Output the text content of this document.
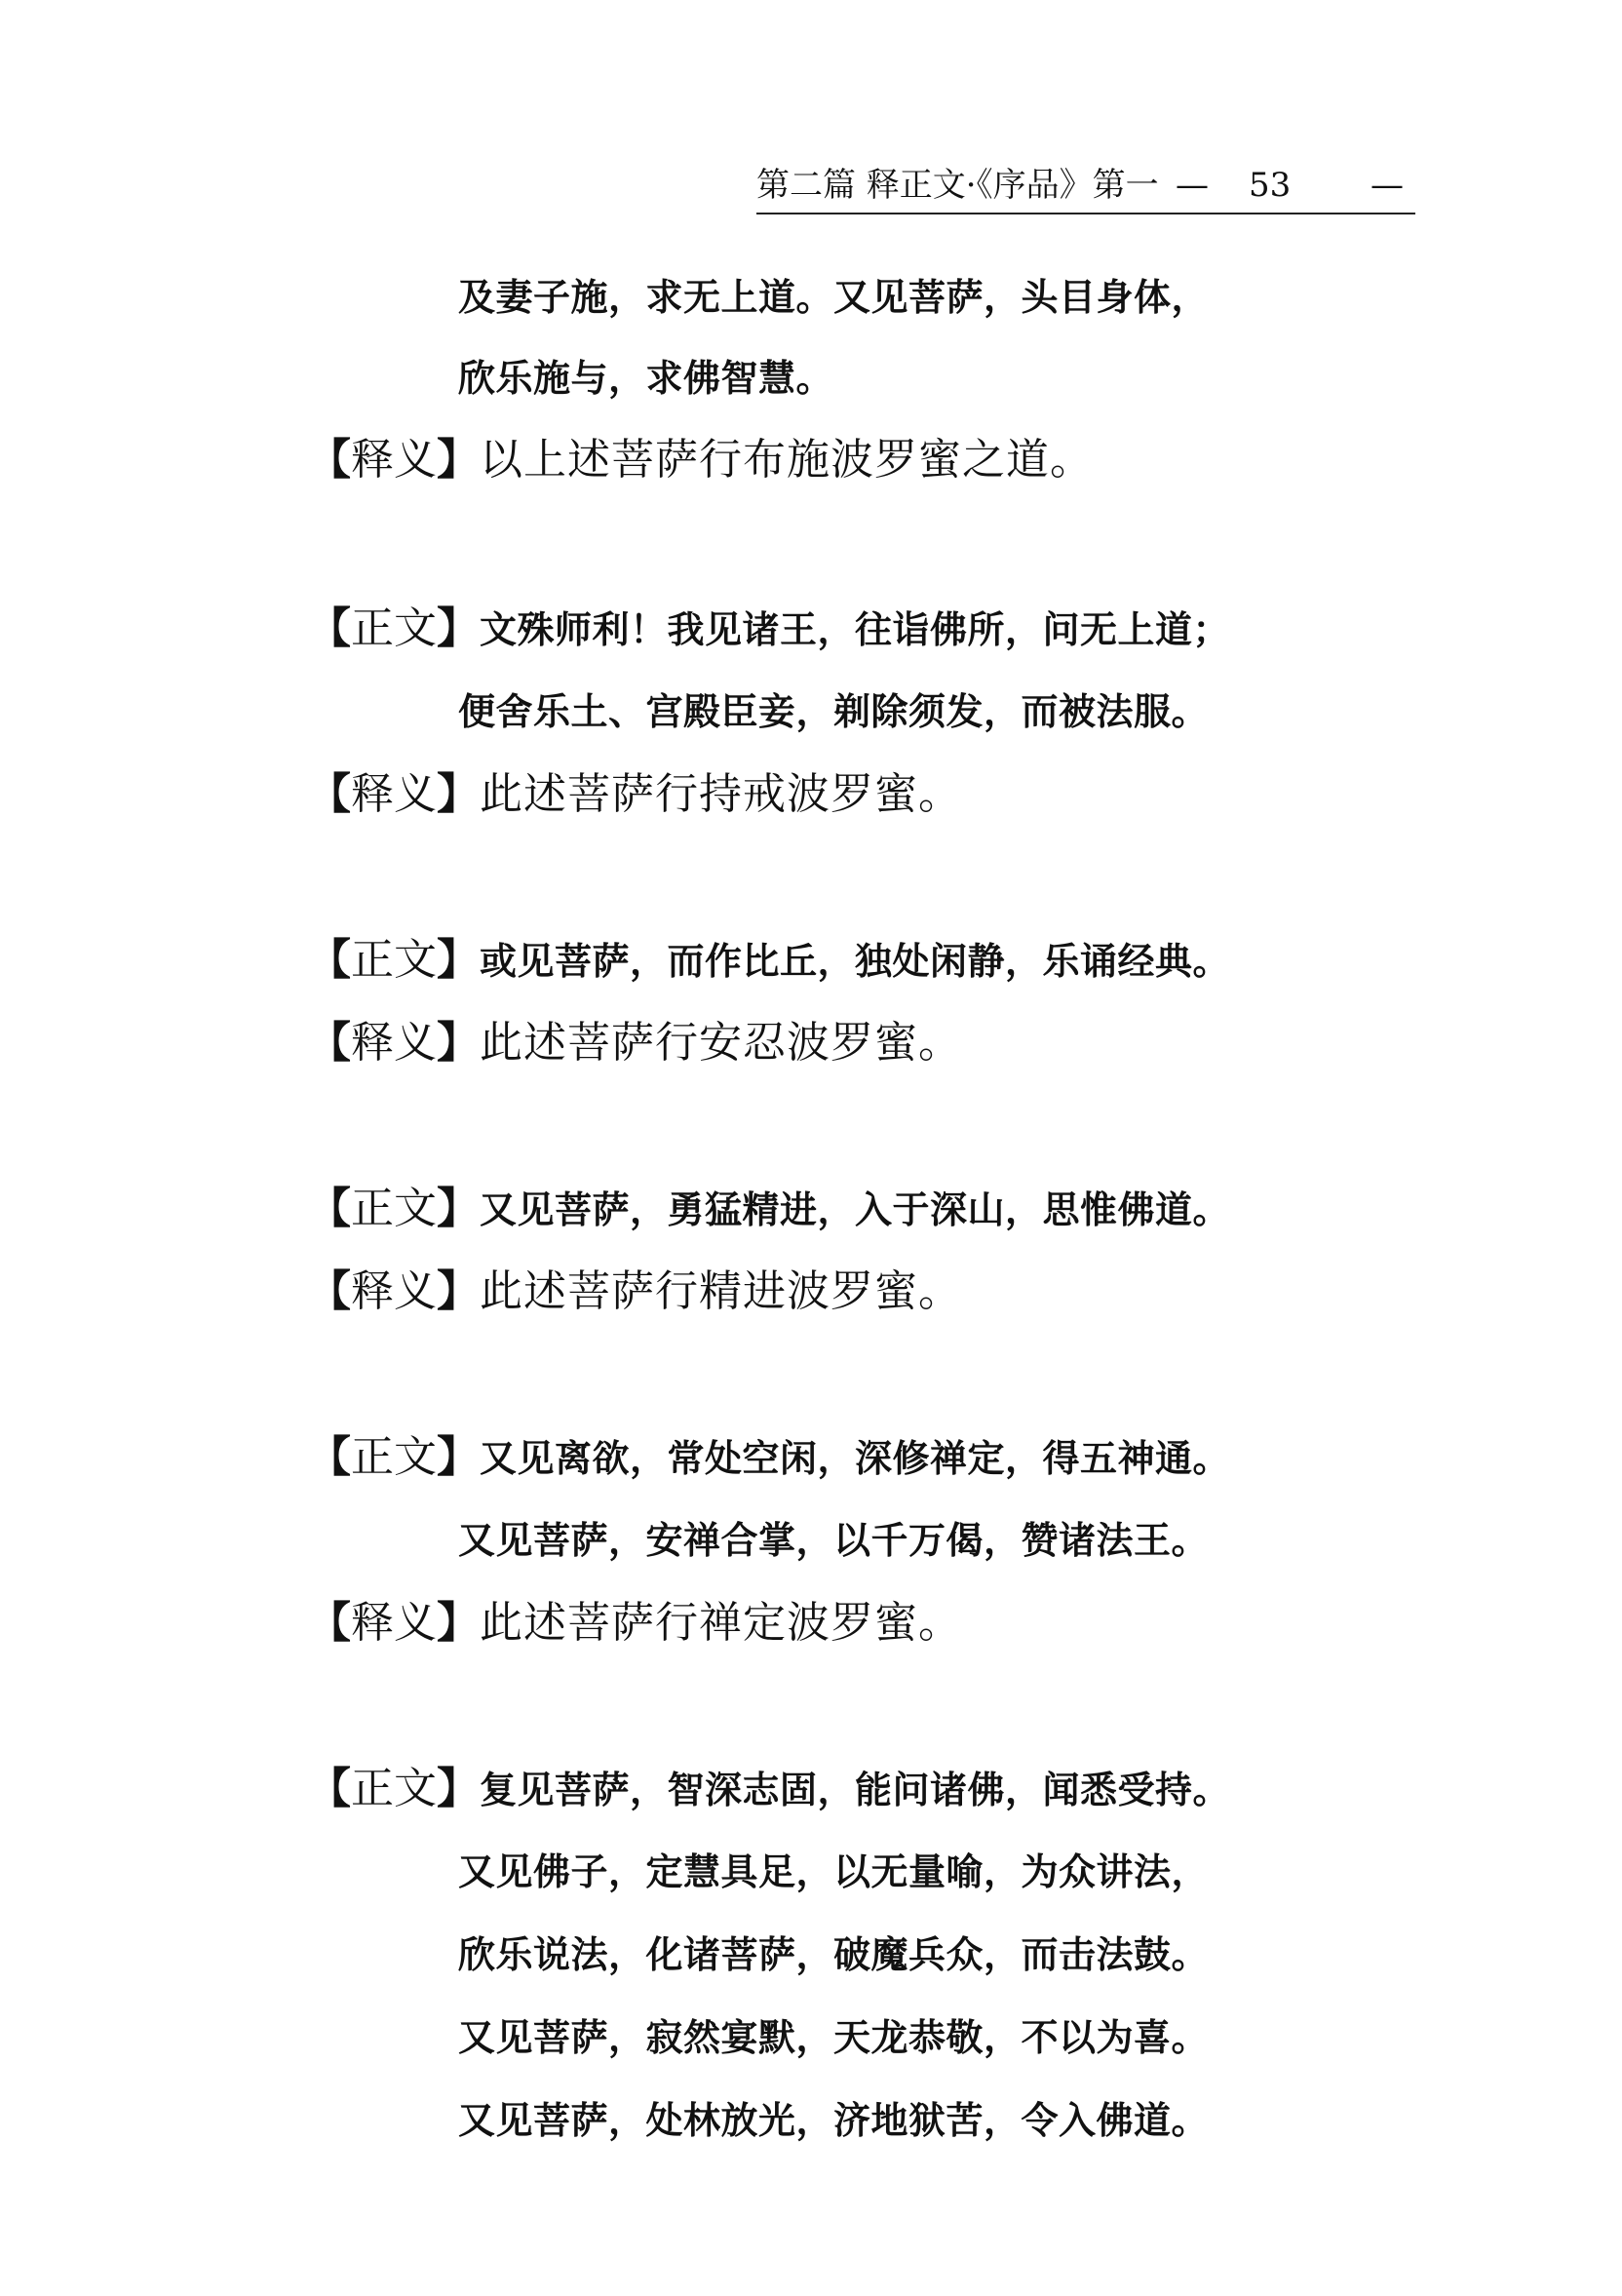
第二篇 释正文·《序品》第一 — 53 —
及妻子施，求无上道。又见菩萨，头目身体，
欣乐施与，求佛智慧。
【释义】以上述菩萨行布施波罗蜜之道。
【正文】文殊师利！我见诸王，往诣佛所，问无上道；
便舍乐土、宫殿臣妾，剃除须发，而被法服。
【释义】此述菩萨行持戒波罗蜜。
【正文】或见菩萨，而作比丘，独处闲静，乐诵经典。
【释义】此述菩萨行安忍波罗蜜。
【正文】又见菩萨，勇猛精进，入于深山，思惟佛道。
【释义】此述菩萨行精进波罗蜜。
【正文】又见离欲，常处空闲，深修禅定，得五神通。
又见菩萨，安禅合掌，以千万偈，赞诸法王。
【释义】此述菩萨行禅定波罗蜜。
【正文】复见菩萨，智深志固，能问诸佛，闻悉受持。
又见佛子，定慧具足，以无量喻，为众讲法，
欣乐说法，化诸菩萨，破魔兵众，而击法鼓。
又见菩萨，寂然宴默，天龙恭敬，不以为喜。
又见菩萨，处林放光，济地狱苦，令入佛道。
